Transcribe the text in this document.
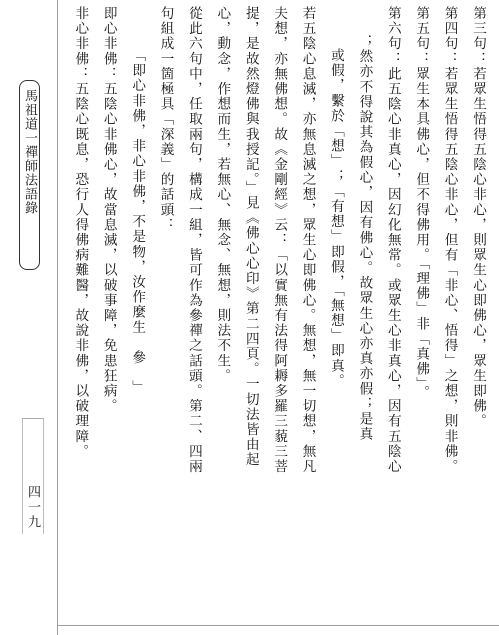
馬祖道一禪師法語錄
四一九
第三句：若眾生悟得五陰心非心，則眾生心即佛心，眾生即佛。
第四句：若眾生悟得五陰心非心，但有「非心、悟得」之想，則非佛。
第五句：眾生本具佛心，但不得佛用。「理佛」非「真佛」。
第六句：此五陰心非真心，因幻化無常。或眾生心非真心，因有五陰心
；然亦不得說其為假心，因有佛心。故眾生心亦真亦假；是真
或假，繫於「想」；「有想」即假，「無想」即真。
若五陰心息滅，亦無息滅之想，眾生心即佛心。無想，無一切想，無凡
夫想，亦無佛想。故《金剛經》云：「以實無有法得阿耨多羅三藐三菩
提，是故然燈佛與我授記。」見《佛心心印》第二四頁。一切法皆由起
心，動念，作想而生，若無心、無念、無想，則法不生。
從此六句中，任取兩句，構成一組，皆可作為參禪之話頭。第二、四兩
句組成一箇極具「深義」的話頭：
「即心非佛，非心非佛，不是物，汝作麼生　參　」
即心非佛：五陰心非佛心，故當息滅，以破事障，免患狂病。
非心非佛：五陰心既息，恐行人得佛病難醫，故說非佛，以破理障。
